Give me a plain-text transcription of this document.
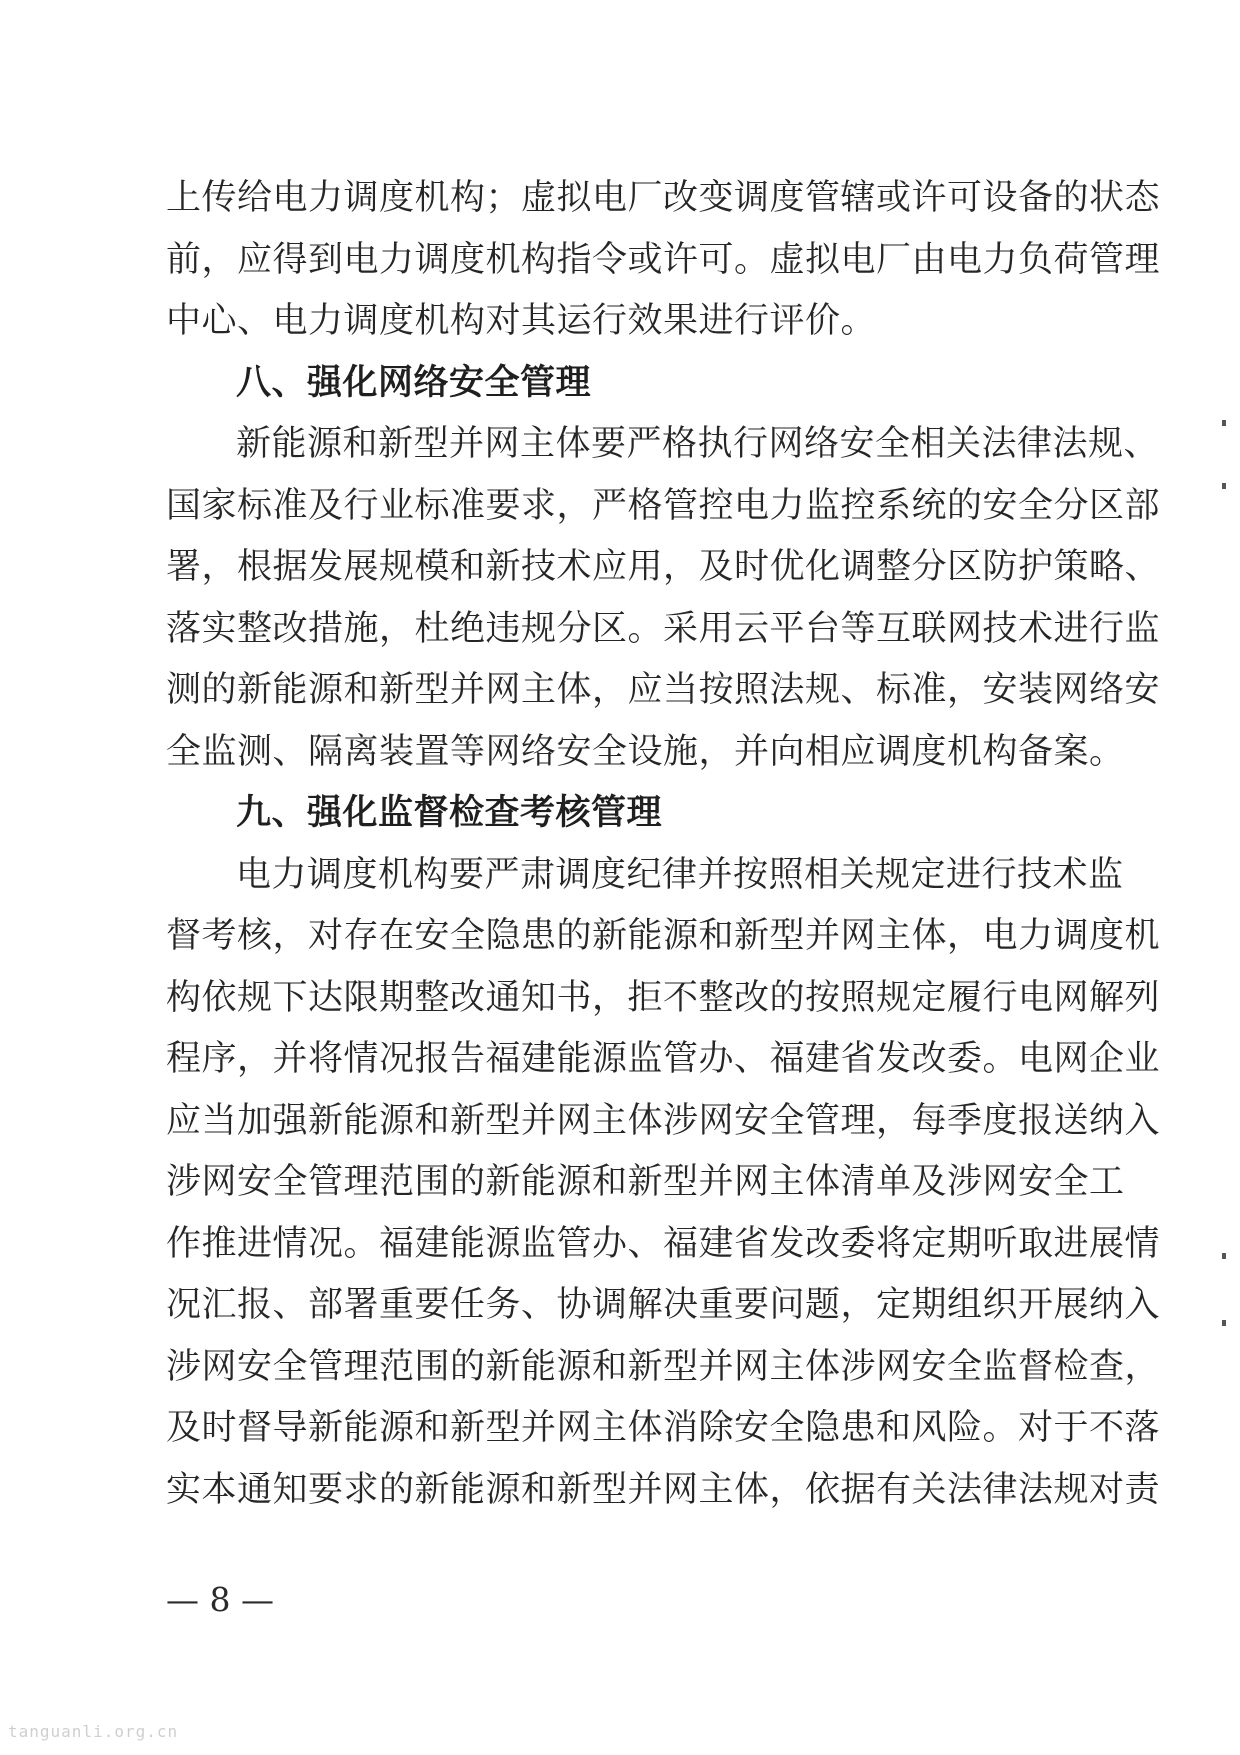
上传给电力调度机构；虚拟电厂改变调度管辖或许可设备的状态
前，应得到电力调度机构指令或许可。虚拟电厂由电力负荷管理
中心、电力调度机构对其运行效果进行评价。
八、强化网络安全管理
新能源和新型并网主体要严格执行网络安全相关法律法规、
国家标准及行业标准要求，严格管控电力监控系统的安全分区部
署，根据发展规模和新技术应用，及时优化调整分区防护策略、
落实整改措施，杜绝违规分区。采用云平台等互联网技术进行监
测的新能源和新型并网主体，应当按照法规、标准，安装网络安
全监测、隔离装置等网络安全设施，并向相应调度机构备案。
九、强化监督检查考核管理
电力调度机构要严肃调度纪律并按照相关规定进行技术监
督考核，对存在安全隐患的新能源和新型并网主体，电力调度机
构依规下达限期整改通知书，拒不整改的按照规定履行电网解列
程序，并将情况报告福建能源监管办、福建省发改委。电网企业
应当加强新能源和新型并网主体涉网安全管理，每季度报送纳入
涉网安全管理范围的新能源和新型并网主体清单及涉网安全工
作推进情况。福建能源监管办、福建省发改委将定期听取进展情
况汇报、部署重要任务、协调解决重要问题，定期组织开展纳入
涉网安全管理范围的新能源和新型并网主体涉网安全监督检查，
及时督导新能源和新型并网主体消除安全隐患和风险。对于不落
实本通知要求的新能源和新型并网主体，依据有关法律法规对责
— 8 —
tanguanli.org.cn
